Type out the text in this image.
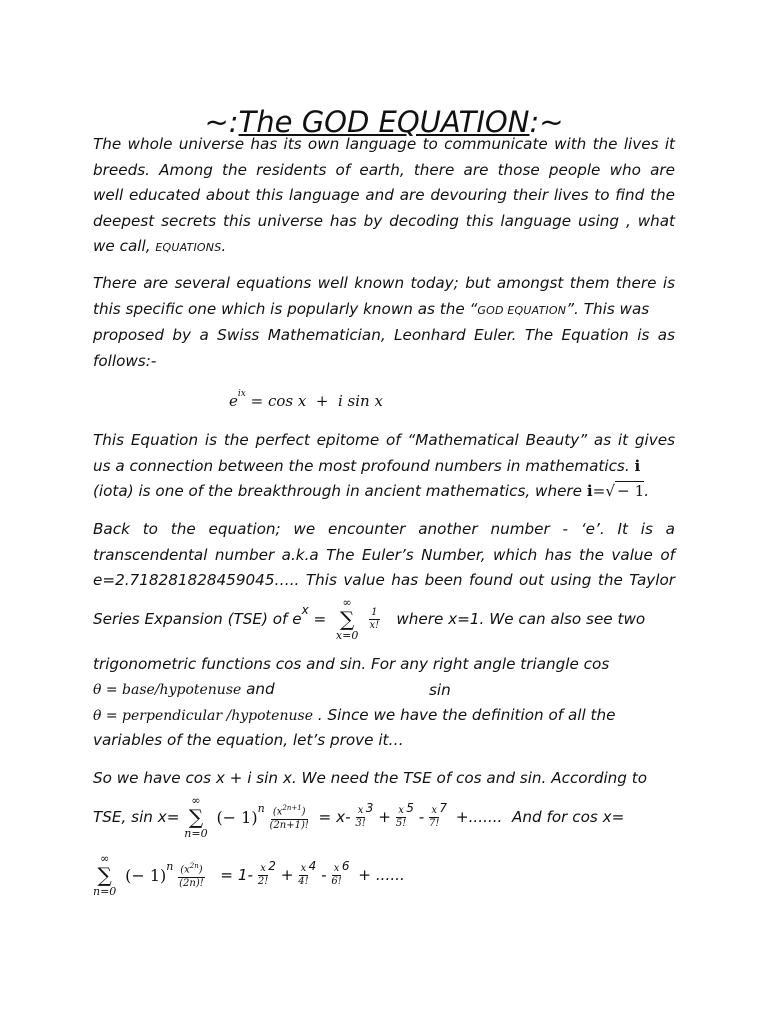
~:The GOD EQUATION:~

The whole universe has its own language to communicate with the lives it
breeds. Among the residents of earth, there are those people who are
well educated about this language and are devouring their lives to find the
deepest secrets this universe has by decoding this language using , what
we call, EQUATIONS.

There are several equations well known today; but amongst them there is
this specific one which is popularly known as the “GOD EQUATION”. This was
proposed by a Swiss Mathematician, Leonhard Euler. The Equation is as
follows:-

$e^{ix} = \cos x + i$ sin x

This Equation is the perfect epitome of “Mathematical Beauty” as it gives
us a connection between the most profound numbers in mathematics. i
(iota) is one of the breakthrough in ancient mathematics, where i=√ − 1.

Back to the equation; we encounter another number - ‘e’. It is a
transcendental number a.k.a The Euler’s Number, which has the value of
e=2.718281828459045….. This value has been found out using the Taylor

Series Expansion (TSE) of $e^x$ =
∞
∑
x=0

$\frac{1}{x!}$ where x=1. We can also see two
trigonometric functions cos and sin. For any right angle triangle cos
θ = base/hypotenuse and	sin
θ = perpendicular /hypotenuse . Since we have the definition of all the
variables of the equation, let’s prove it…
So we have cos x + i sin x. We need the TSE of cos and sin. According to
TSE, sin x=
∞
∑
n=0
(− $1)^n \frac{(x^{2n+1})}{(2n+1)!} = x- \frac{x}{3!} ^3 + \frac{x}{5!} ^5 - \frac{x}{7!} ^7$ +.......  And for cos x=
∞
∑
n=0
(− $1)^n \frac{(x^{2n})}{(2n)!} = 1- \frac{x}{2!} ^2 + \frac{x}{4!} ^4 - \frac{x}{6!} ^6$ + ......
